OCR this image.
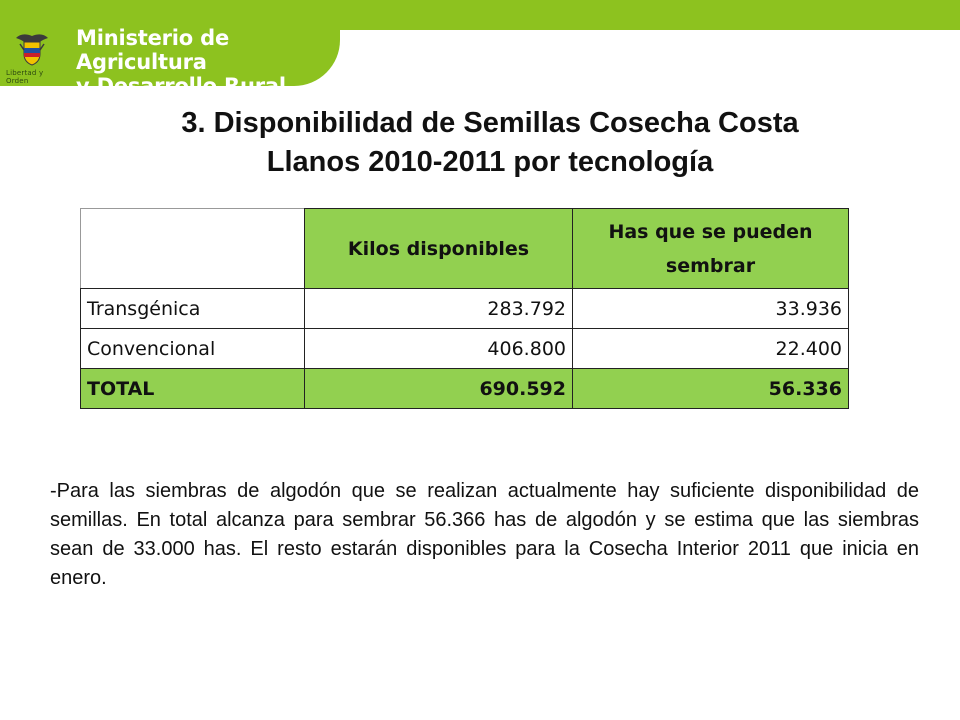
Libertad y Orden
Ministerio de Agricultura
y Desarrollo Rural
3. Disponibilidad de Semillas Cosecha Costa
Llanos 2010-2011 por tecnología
	Kilos disponibles	Has que se pueden sembrar
Transgénica	283.792	33.936
Convencional	406.800	22.400
TOTAL	690.592	56.336
-Para las siembras de algodón que se realizan actualmente hay suficiente disponibilidad de semillas. En total alcanza para sembrar 56.366 has de algodón y se estima que las siembras sean de 33.000 has. El resto estarán disponibles para la Cosecha Interior 2011 que inicia en enero.
